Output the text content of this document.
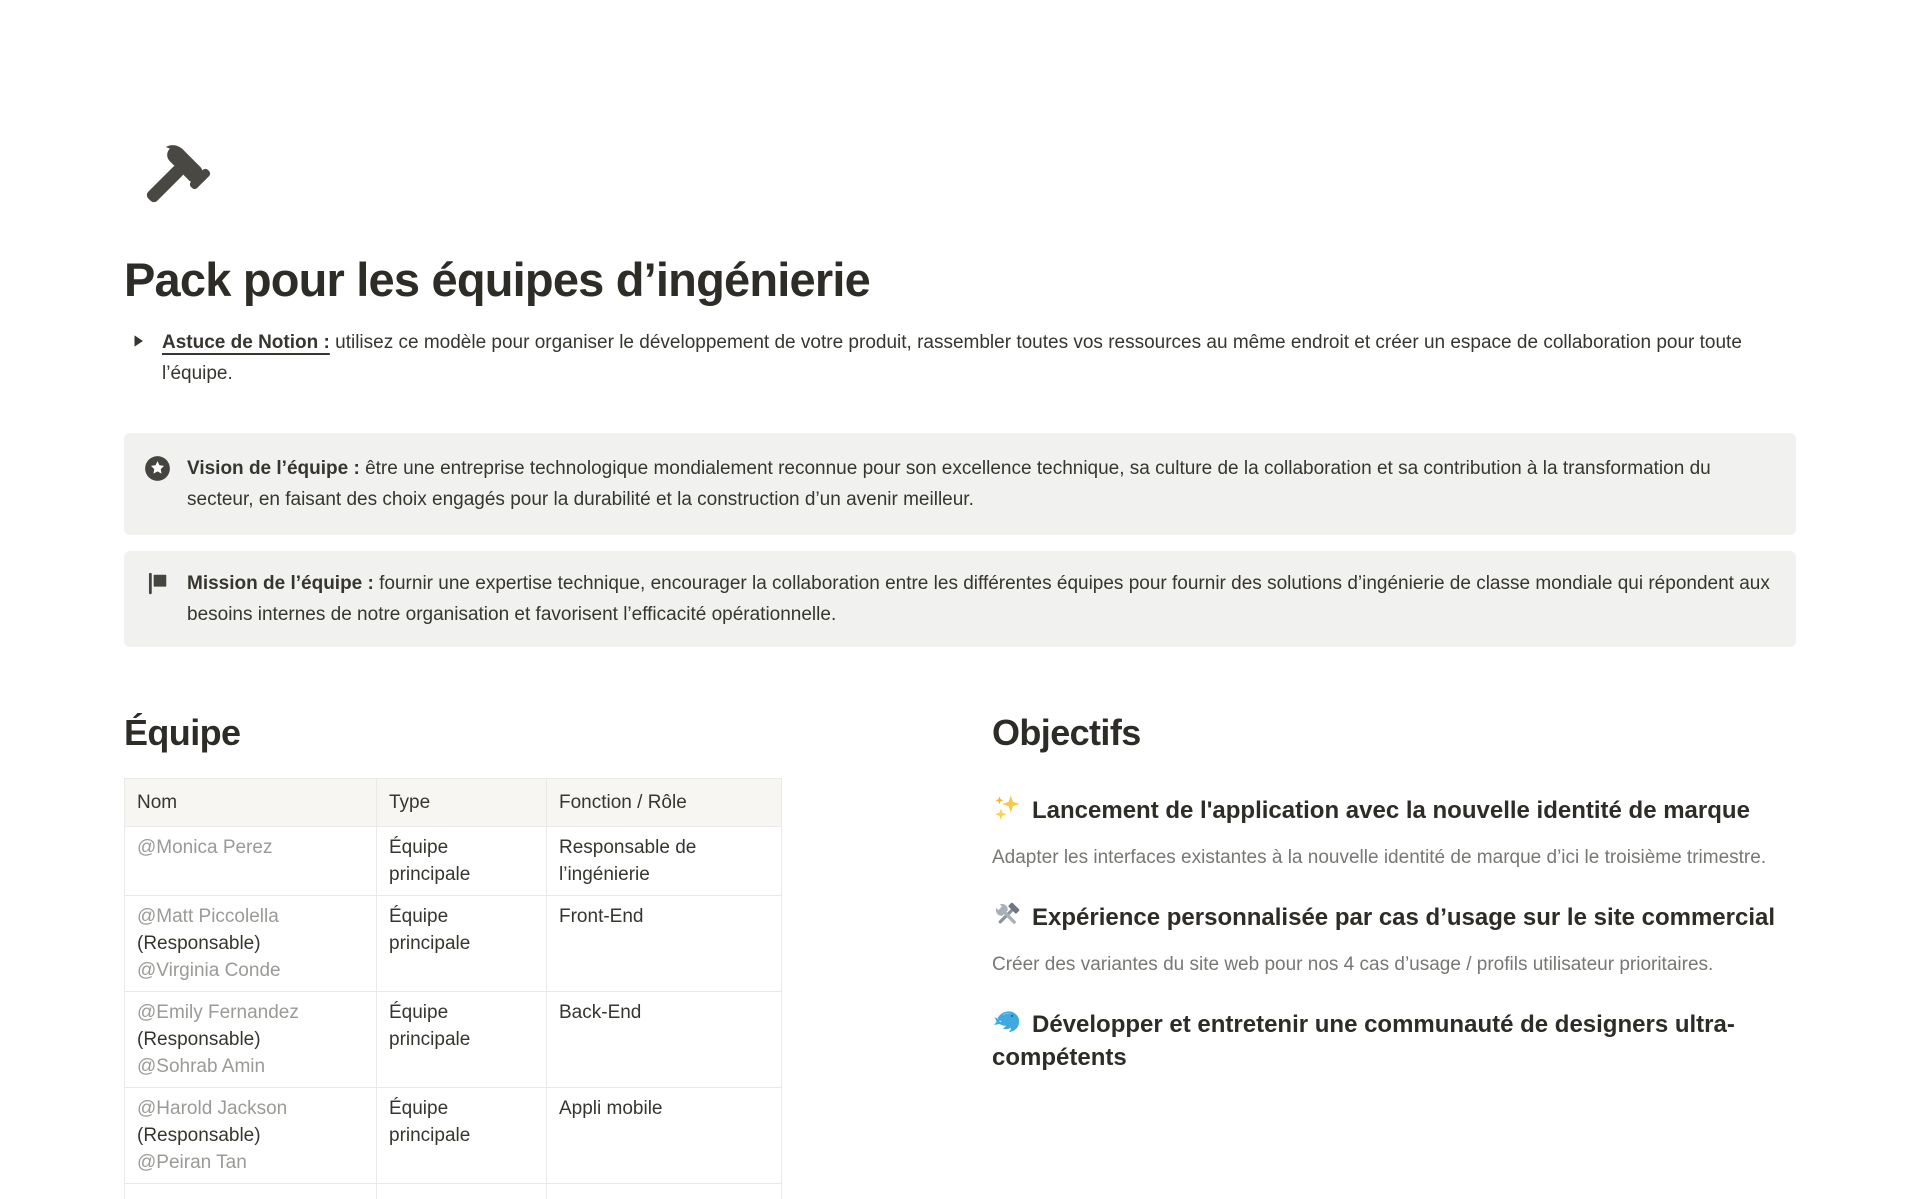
Pack pour les équipes d’ingénierie
Astuce de Notion : utilisez ce modèle pour organiser le développement de votre produit, rassembler toutes vos ressources au même endroit et créer un espace de collaboration pour toute l’équipe.
Vision de l’équipe : être une entreprise technologique mondialement reconnue pour son excellence technique, sa culture de la collaboration et sa contribution à la transformation du secteur, en faisant des choix engagés pour la durabilité et la construction d’un avenir meilleur.
Mission de l’équipe : fournir une expertise technique, encourager la collaboration entre les différentes équipes pour fournir des solutions d’ingénierie de classe mondiale qui répondent aux besoins internes de notre organisation et favorisent l’efficacité opérationnelle.
Équipe
Nom	Type	Fonction / Rôle

@Monica Perez	Équipe principale	Responsable de l’ingénierie

@Matt Piccolella
(Responsable)
@Virginia Conde	Équipe principale	Front-End

@Emily Fernandez
(Responsable)
@Sohrab Amin	Équipe principale	Back-End

@Harold Jackson
(Responsable)
@Peiran Tan	Équipe principale	Appli mobile

Objectifs
Lancement de l'application avec la nouvelle identité de marque
Adapter les interfaces existantes à la nouvelle identité de marque d’ici le troisième trimestre.
Expérience personnalisée par cas d’usage sur le site commercial
Créer des variantes du site web pour nos 4 cas d’usage / profils utilisateur prioritaires.
Développer et entretenir une communauté de designers ultra-compétents
